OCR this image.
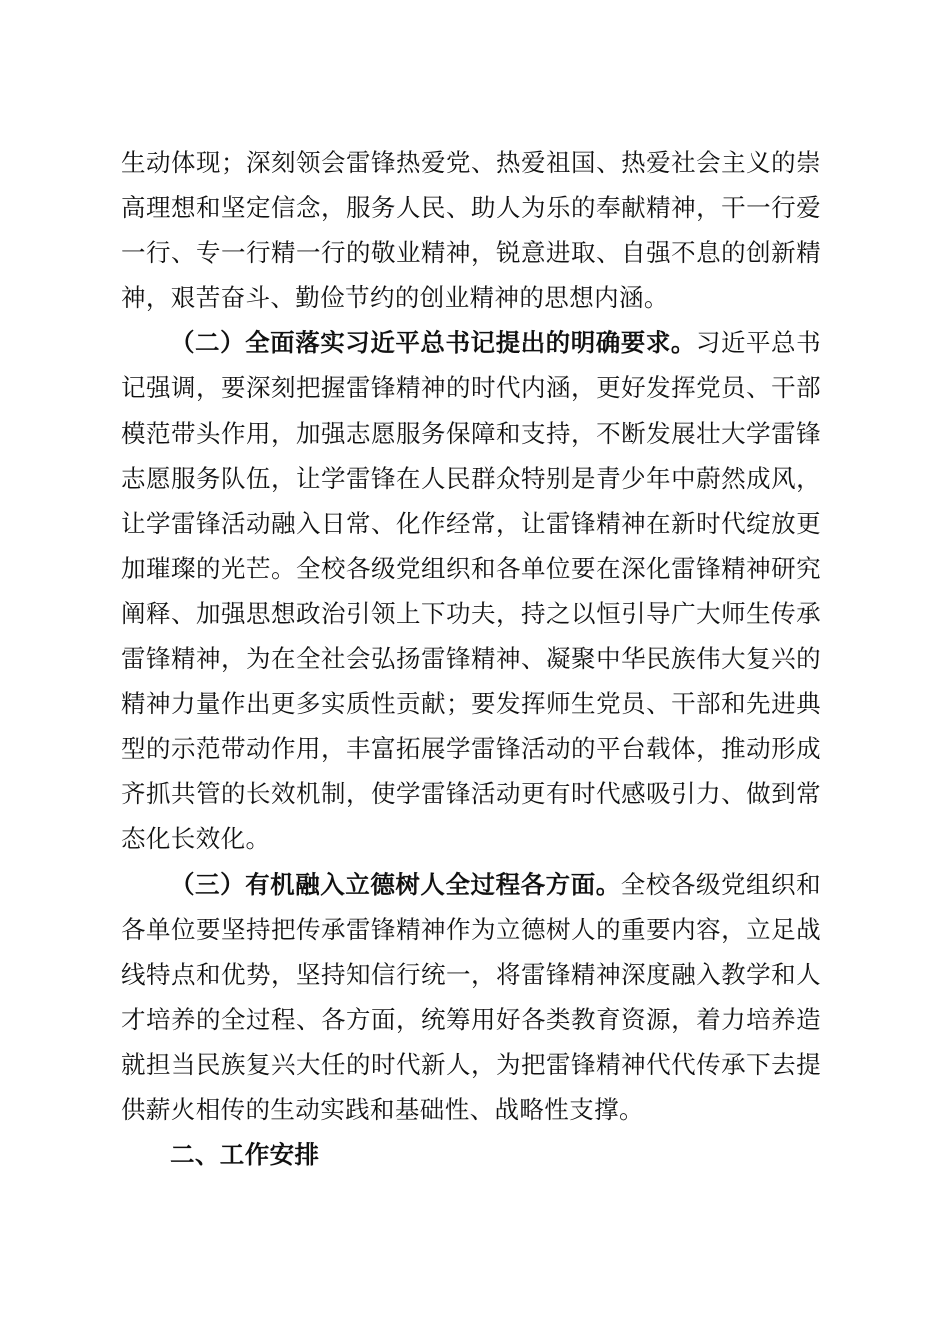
生动体现；深刻领会雷锋热爱党、热爱祖国、热爱社会主义的崇高理想和坚定信念，服务人民、助人为乐的奉献精神，干一行爱一行、专一行精一行的敬业精神，锐意进取、自强不息的创新精神，艰苦奋斗、勤俭节约的创业精神的思想内涵。

（二）全面落实习近平总书记提出的明确要求。习近平总书记强调，要深刻把握雷锋精神的时代内涵，更好发挥党员、干部模范带头作用，加强志愿服务保障和支持，不断发展壮大学雷锋志愿服务队伍，让学雷锋在人民群众特别是青少年中蔚然成风，让学雷锋活动融入日常、化作经常，让雷锋精神在新时代绽放更加璀璨的光芒。全校各级党组织和各单位要在深化雷锋精神研究阐释、加强思想政治引领上下功夫，持之以恒引导广大师生传承雷锋精神，为在全社会弘扬雷锋精神、凝聚中华民族伟大复兴的精神力量作出更多实质性贡献；要发挥师生党员、干部和先进典型的示范带动作用，丰富拓展学雷锋活动的平台载体，推动形成齐抓共管的长效机制，使学雷锋活动更有时代感吸引力、做到常态化长效化。

（三）有机融入立德树人全过程各方面。全校各级党组织和各单位要坚持把传承雷锋精神作为立德树人的重要内容，立足战线特点和优势，坚持知信行统一，将雷锋精神深度融入教学和人才培养的全过程、各方面，统筹用好各类教育资源，着力培养造就担当民族复兴大任的时代新人，为把雷锋精神代代传承下去提供薪火相传的生动实践和基础性、战略性支撑。

二、工作安排
